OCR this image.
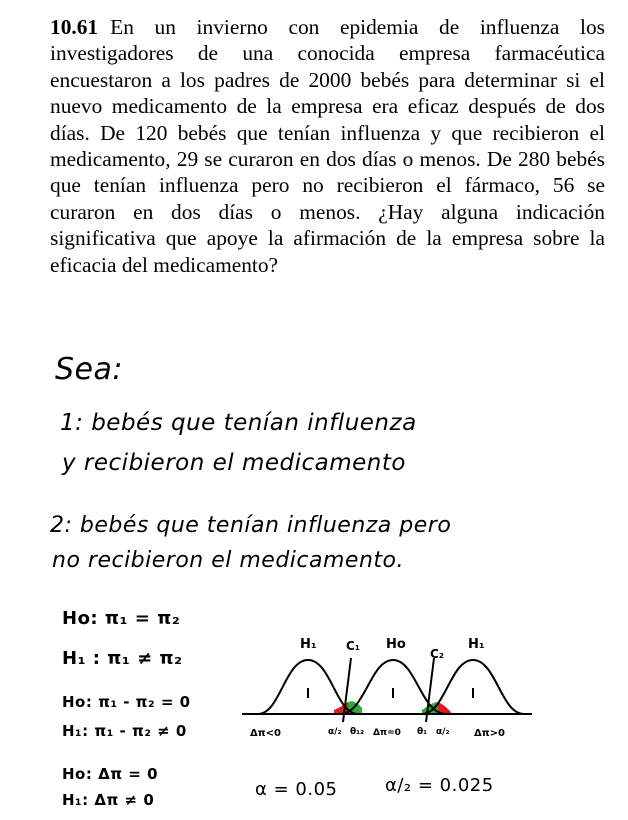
10.61 En un invierno con epidemia de influenza los investigadores de una conocida empresa farmacéutica encuestaron a los padres de 2000 bebés para determinar si el nuevo medicamento de la empresa era eficaz después de dos días. De 120 bebés que tenían influenza y que recibieron el medicamento, 29 se curaron en dos días o menos. De 280 bebés que tenían influenza pero no recibieron el fármaco, 56 se curaron en dos días o menos. ¿Hay alguna indicación significativa que apoye la afirmación de la empresa sobre la eficacia del medicamento?
Sea:
1: bebés que tenían influenza
y recibieron el medicamento
2: bebés que tenían influenza pero
no recibieron el medicamento.
Ho: π₁ = π₂
H₁ : π₁ ≠ π₂
Ho: π₁ - π₂ = 0
H₁: π₁ - π₂ ≠ 0
Ho: Δπ = 0
H₁: Δπ ≠ 0	α = 0.05	α/₂ = 0.025
H₁ C₁ Ho
C₂
H₁
Δπ<0	α/₂ θ₁₂ Δπ=0 θ₁ α/₂ Δπ>0
